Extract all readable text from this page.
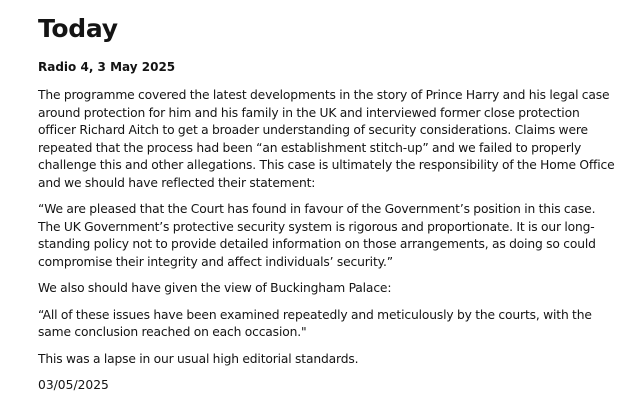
Today
Radio 4, 3 May 2025

The programme covered the latest developments in the story of Prince Harry and his legal case around protection for him and his family in the UK and interviewed former close protection officer Richard Aitch to get a broader understanding of security considerations. Claims were repeated that the process had been “an establishment stitch-up” and we failed to properly challenge this and other allegations. This case is ultimately the responsibility of the Home Office and we should have reflected their statement:

“We are pleased that the Court has found in favour of the Government’s position in this case. The UK Government’s protective security system is rigorous and proportionate. It is our long-standing policy not to provide detailed information on those arrangements, as doing so could compromise their integrity and affect individuals’ security.”

We also should have given the view of Buckingham Palace:

“All of these issues have been examined repeatedly and meticulously by the courts, with the same conclusion reached on each occasion."

This was a lapse in our usual high editorial standards.

03/05/2025
